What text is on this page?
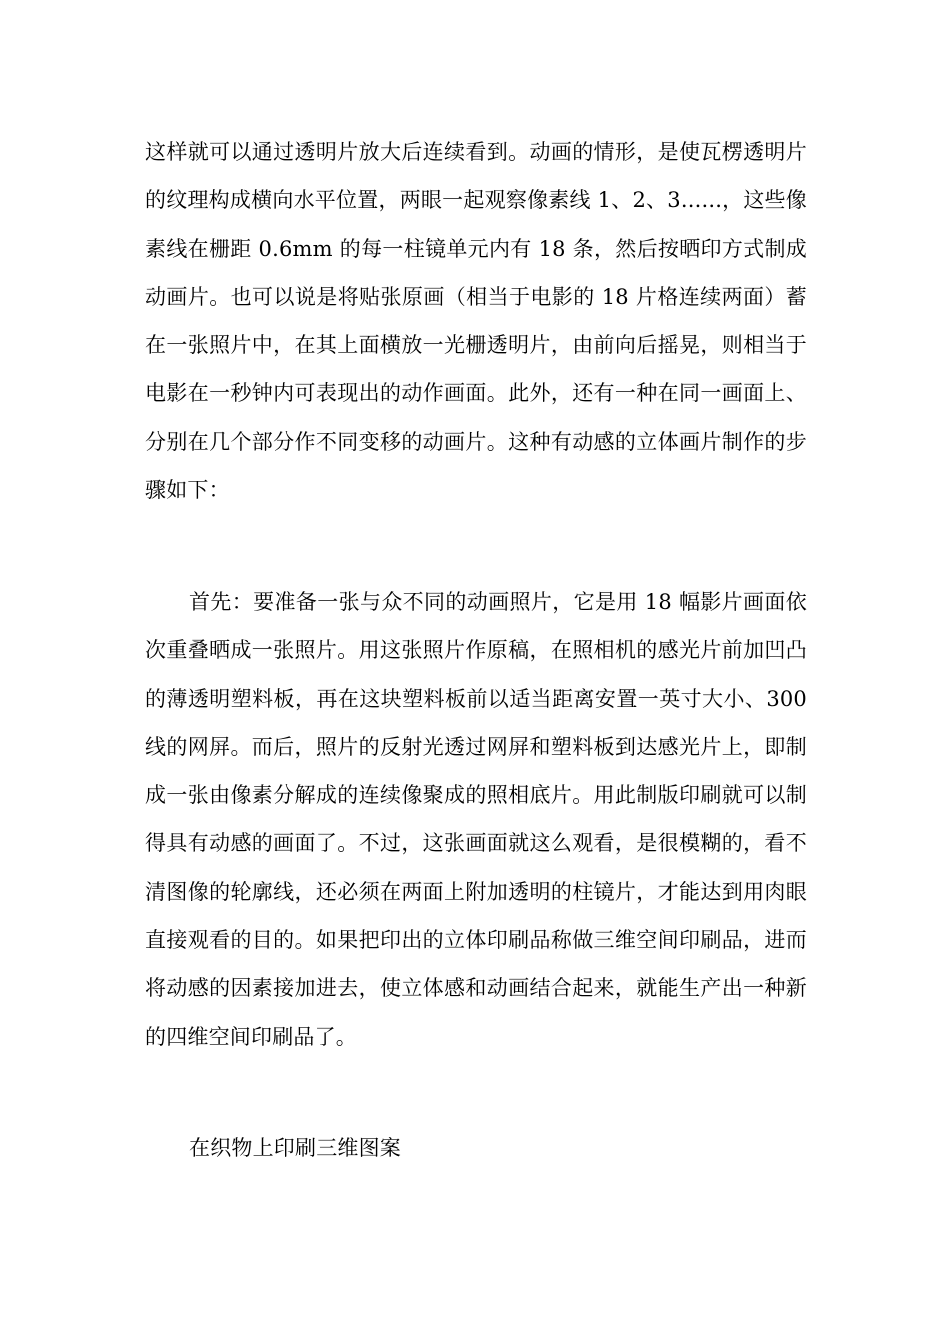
这样就可以通过透明片放大后连续看到。动画的情形，是使瓦楞透明片的纹理构成横向水平位置，两眼一起观察像素线 1、2、3......，这些像素线在栅距 0.6mm 的每一柱镜单元内有 18 条，然后按晒印方式制成动画片。也可以说是将贴张原画（相当于电影的 18 片格连续两面）蓄在一张照片中，在其上面横放一光栅透明片，由前向后摇晃，则相当于电影在一秒钟内可表现出的动作画面。此外，还有一种在同一画面上、分别在几个部分作不同变移的动画片。这种有动感的立体画片制作的步骤如下：

首先：要准备一张与众不同的动画照片，它是用 18 幅影片画面依次重叠晒成一张照片。用这张照片作原稿，在照相机的感光片前加凹凸的薄透明塑料板，再在这块塑料板前以适当距离安置一英寸大小、300 线的网屏。而后，照片的反射光透过网屏和塑料板到达感光片上，即制成一张由像素分解成的连续像聚成的照相底片。用此制版印刷就可以制得具有动感的画面了。不过，这张画面就这么观看，是很模糊的，看不清图像的轮廓线，还必须在两面上附加透明的柱镜片，才能达到用肉眼直接观看的目的。如果把印出的立体印刷品称做三维空间印刷品，进而将动感的因素接加进去，使立体感和动画结合起来，就能生产出一种新的四维空间印刷品了。

在织物上印刷三维图案
